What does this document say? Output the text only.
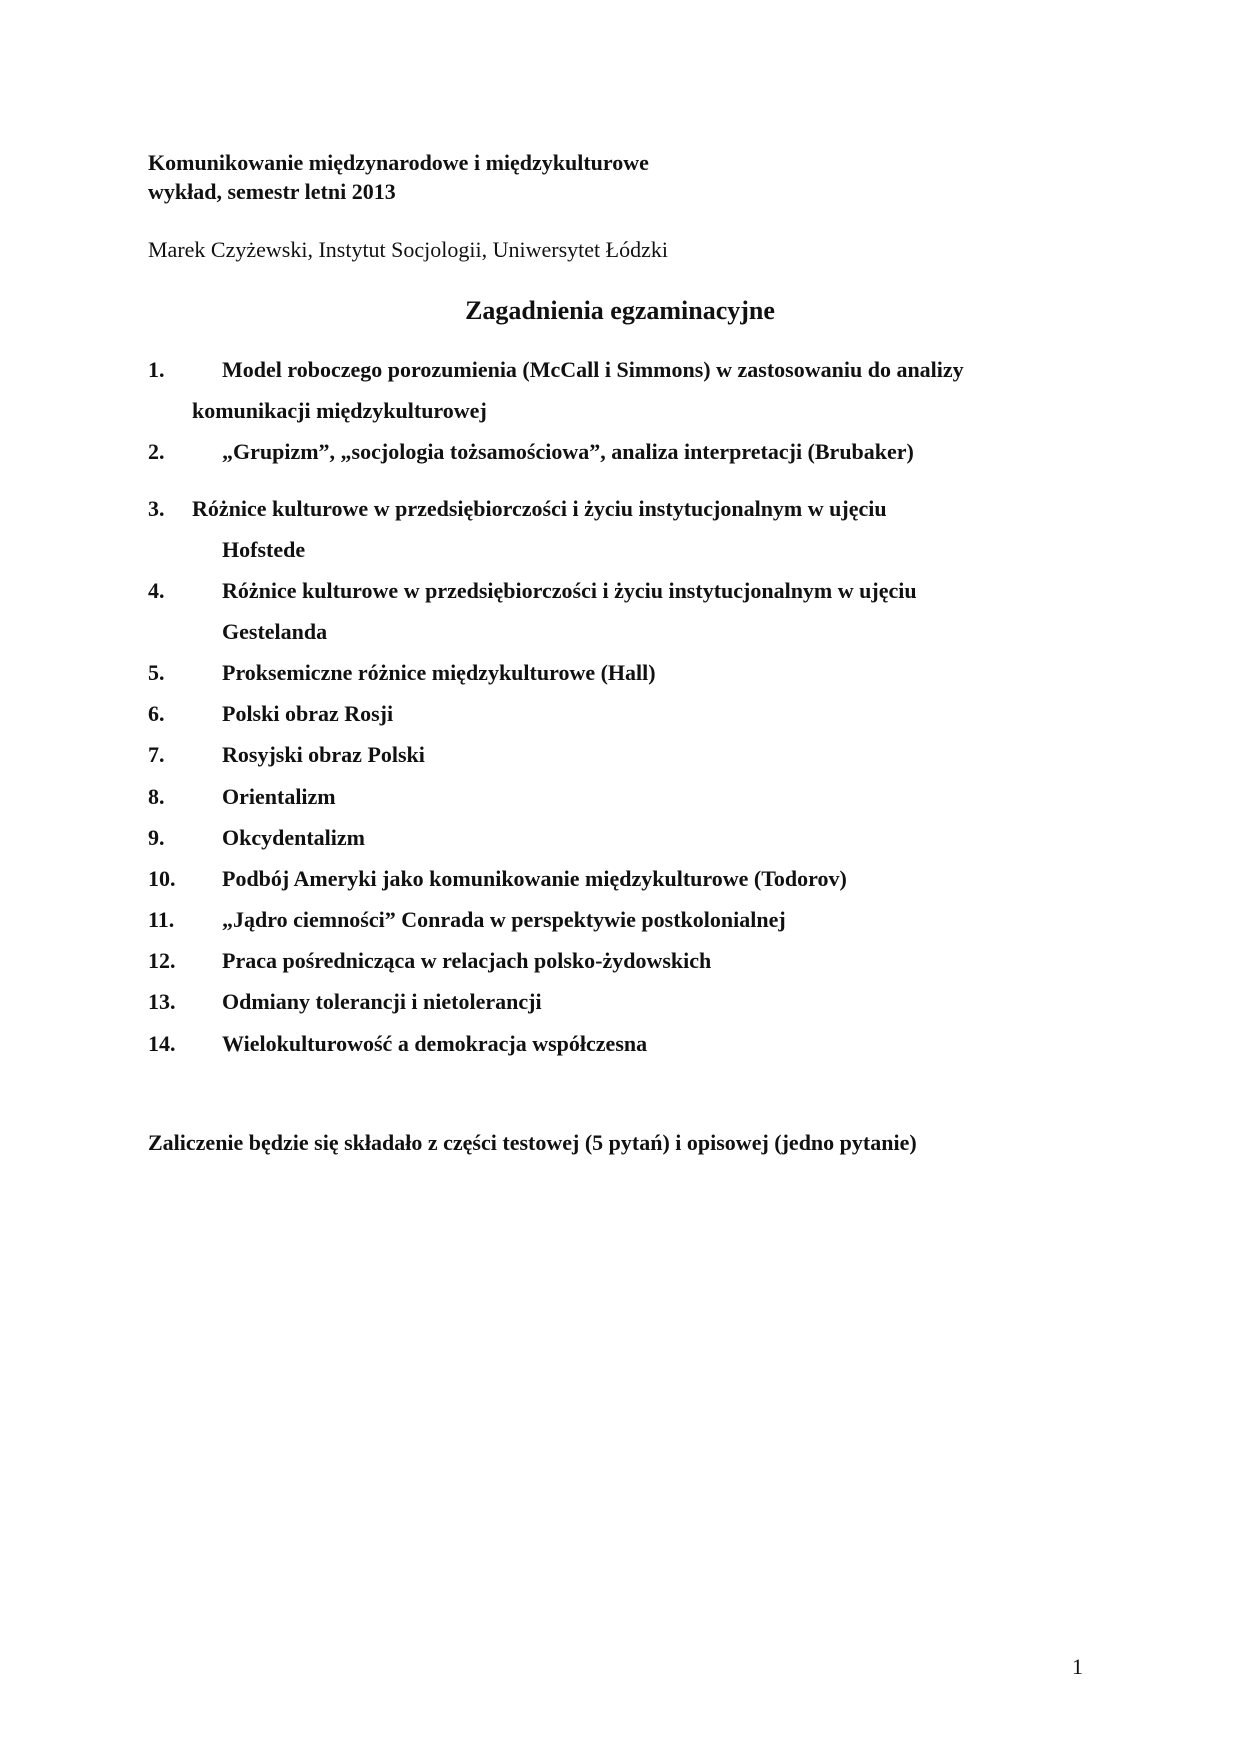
Komunikowanie międzynarodowe i międzykulturowe
wykład, semestr letni 2013
Marek Czyżewski, Instytut Socjologii, Uniwersytet Łódzki
Zagadnienia egzaminacyjne
1.	Model roboczego porozumienia (McCall i Simmons) w zastosowaniu do analizy
komunikacji międzykulturowej
2.	„Grupizm”, „socjologia tożsamościowa”, analiza interpretacji (Brubaker)
3. Różnice kulturowe w przedsiębiorczości i życiu instytucjonalnym w ujęciu
Hofstede
4.	Różnice kulturowe w przedsiębiorczości i życiu instytucjonalnym w ujęciu
Gestelanda
5.	Proksemiczne różnice międzykulturowe (Hall)
6.	Polski obraz Rosji
7.	Rosyjski obraz Polski
8.	Orientalizm
9.	Okcydentalizm
10. Podbój Ameryki jako komunikowanie międzykulturowe (Todorov)
11. „Jądro ciemności” Conrada w perspektywie postkolonialnej
12. Praca pośrednicząca w relacjach polsko-żydowskich
13. Odmiany tolerancji i nietolerancji
14. Wielokulturowość a demokracja współczesna
Zaliczenie będzie się składało z części testowej (5 pytań) i opisowej (jedno pytanie)
1
